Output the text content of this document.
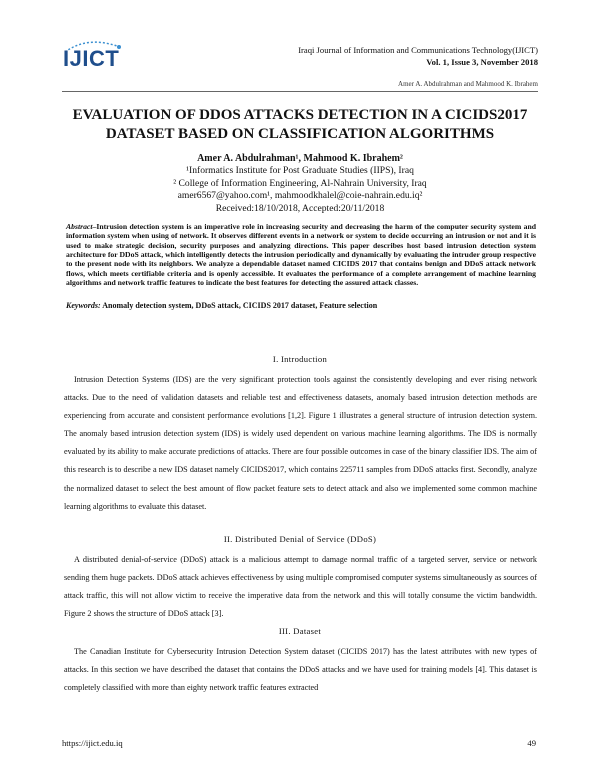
IJICT	Iraqi Journal of Information and Communications Technology(IJICT)
Vol. 1, Issue 3, November 2018
Amer A. Abdulrahman and Mahmood K. Ibrahem
EVALUATION OF DDOS ATTACKS DETECTION IN A CICIDS2017 DATASET BASED ON CLASSIFICATION ALGORITHMS
Amer A. Abdulrahman¹, Mahmood K. Ibrahem²
¹Informatics Institute for Post Graduate Studies (IIPS), Iraq
² College of Information Engineering, Al-Nahrain University, Iraq
amer6567@yahoo.com¹, mahmoodkhalel@coie-nahrain.edu.iq²
Received:18/10/2018, Accepted:20/11/2018
Abstract–Intrusion detection system is an imperative role in increasing security and decreasing the harm of the computer security system and information system when using of network. It observes different events in a network or system to decide occurring an intrusion or not and it is used to make strategic decision, security purposes and analyzing directions. This paper describes host based intrusion detection system architecture for DDoS attack, which intelligently detects the intrusion periodically and dynamically by evaluating the intruder group respective to the present node with its neighbors. We analyze a dependable dataset named CICIDS 2017 that contains benign and DDoS attack network flows, which meets certifiable criteria and is openly accessible. It evaluates the performance of a complete arrangement of machine learning algorithms and network traffic features to indicate the best features for detecting the assured attack classes.
Keywords: Anomaly detection system, DDoS attack, CICIDS 2017 dataset, Feature selection
I. Introduction
Intrusion Detection Systems (IDS) are the very significant protection tools against the consistently developing and ever rising network attacks. Due to the need of validation datasets and reliable test and effectiveness datasets, anomaly based intrusion detection methods are experiencing from accurate and consistent performance evolutions [1,2]. Figure 1 illustrates a general structure of intrusion detection system. The anomaly based intrusion detection system (IDS) is widely used dependent on various machine learning algorithms. The IDS is normally evaluated by its ability to make accurate predictions of attacks. There are four possible outcomes in case of the binary classifier IDS. The aim of this research is to describe a new IDS dataset namely CICIDS2017, which contains 225711 samples from DDoS attacks first. Secondly, analyze the normalized dataset to select the best amount of flow packet feature sets to detect attack and also we implemented some common machine learning algorithms to evaluate this dataset.
II. Distributed Denial of Service (DDoS)
A distributed denial-of-service (DDoS) attack is a malicious attempt to damage normal traffic of a targeted server, service or network sending them huge packets. DDoS attack achieves effectiveness by using multiple compromised computer systems simultaneously as sources of attack traffic, this will not allow victim to receive the imperative data from the network and this will totally consume the victim bandwidth. Figure 2 shows the structure of DDoS attack [3].
III. Dataset
The Canadian Institute for Cybersecurity Intrusion Detection System dataset (CICIDS 2017) has the latest attributes with new types of attacks. In this section we have described the dataset that contains the DDoS attacks and we have used for training models [4]. This dataset is completely classified with more than eighty network traffic features extracted
https://ijict.edu.iq	49
